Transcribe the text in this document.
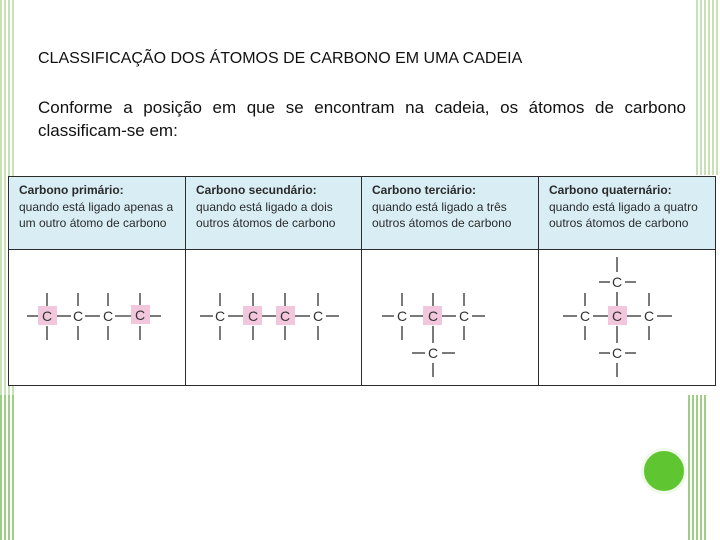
CLASSIFICAÇÃO DOS ÁTOMOS DE CARBONO EM UMA CADEIA
Conforme a posição em que se encontram na cadeia, os átomos de carbono classificam-se em:
Carbono primário:
quando está ligado apenas a um outro átomo de carbono
C C C C
Carbono secundário:
quando está ligado a dois outros átomos de carbono
C C C C
Carbono terciário:
quando está ligado a três outros átomos de carbono
C C C
C
Carbono quaternário:
quando está ligado a quatro outros átomos de carbono
C
C C C
C
